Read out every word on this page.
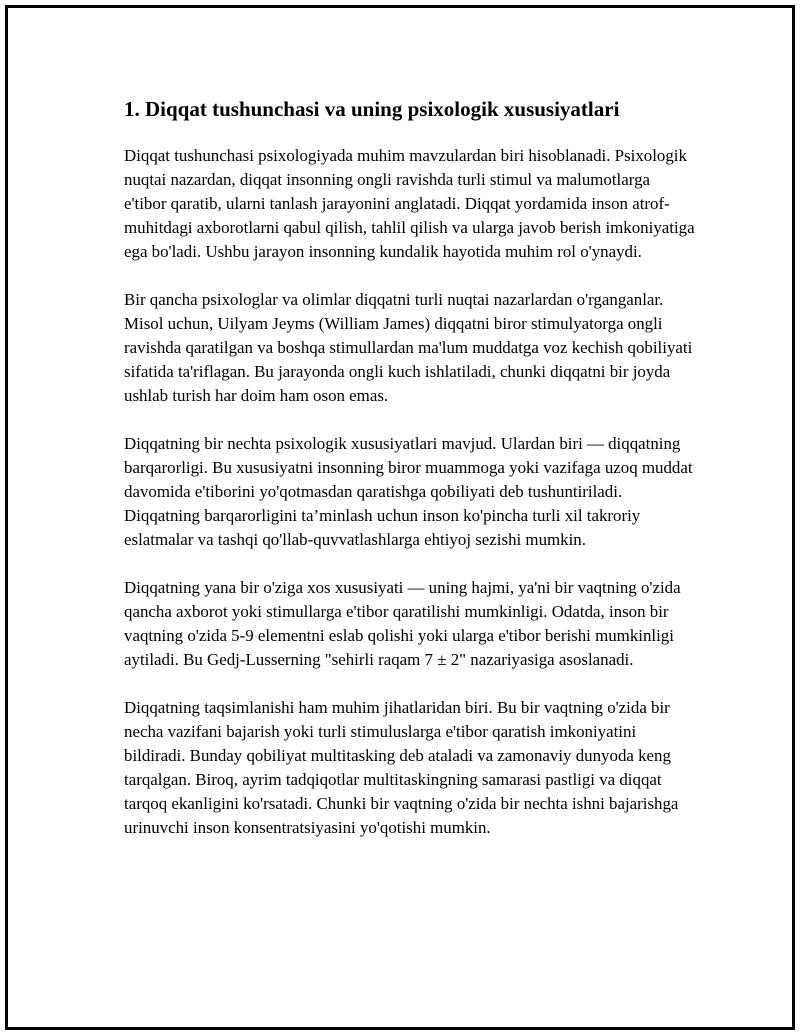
1. Diqqat tushunchasi va uning psixologik xususiyatlari

Diqqat tushunchasi psixologiyada muhim mavzulardan biri hisoblanadi. Psixologik nuqtai nazardan, diqqat insonning ongli ravishda turli stimul va malumotlarga e'tibor qaratib, ularni tanlash jarayonini anglatadi. Diqqat yordamida inson atrof-muhitdagi axborotlarni qabul qilish, tahlil qilish va ularga javob berish imkoniyatiga ega bo'ladi. Ushbu jarayon insonning kundalik hayotida muhim rol o'ynaydi.

Bir qancha psixologlar va olimlar diqqatni turli nuqtai nazarlardan o'rganganlar. Misol uchun, Uilyam Jeyms (William James) diqqatni biror stimulyatorga ongli ravishda qaratilgan va boshqa stimullardan ma'lum muddatga voz kechish qobiliyati sifatida ta'riflagan. Bu jarayonda ongli kuch ishlatiladi, chunki diqqatni bir joyda ushlab turish har doim ham oson emas.

Diqqatning bir nechta psixologik xususiyatlari mavjud. Ulardan biri — diqqatning barqarorligi. Bu xususiyatni insonning biror muammoga yoki vazifaga uzoq muddat davomida e'tiborini yo'qotmasdan qaratishga qobiliyati deb tushuntiriladi. Diqqatning barqarorligini ta’minlash uchun inson ko'pincha turli xil takroriy eslatmalar va tashqi qo'llab-quvvatlashlarga ehtiyoj sezishi mumkin.

Diqqatning yana bir o'ziga xos xususiyati — uning hajmi, ya'ni bir vaqtning o'zida qancha axborot yoki stimullarga e'tibor qaratilishi mumkinligi. Odatda, inson bir vaqtning o'zida 5-9 elementni eslab qolishi yoki ularga e'tibor berishi mumkinligi aytiladi. Bu Gedj-Lusserning "sehirli raqam 7 ± 2" nazariyasiga asoslanadi.

Diqqatning taqsimlanishi ham muhim jihatlaridan biri. Bu bir vaqtning o'zida bir necha vazifani bajarish yoki turli stimuluslarga e'tibor qaratish imkoniyatini bildiradi. Bunday qobiliyat multitasking deb ataladi va zamonaviy dunyoda keng tarqalgan. Biroq, ayrim tadqiqotlar multitaskingning samarasi pastligi va diqqat tarqoq ekanligini ko'rsatadi. Chunki bir vaqtning o'zida bir nechta ishni bajarishga urinuvchi inson konsentratsiyasini yo'qotishi mumkin.
